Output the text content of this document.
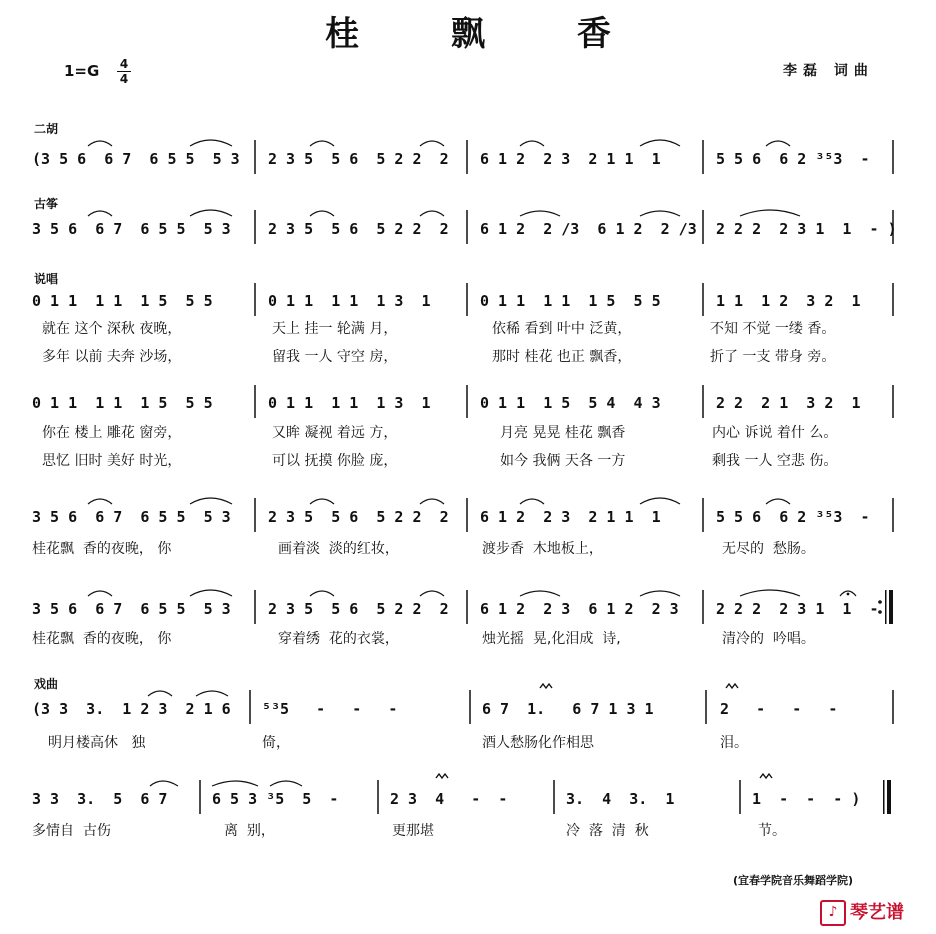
桂 飘 香
1=G 4
4	李磊 词曲
二胡
古筝
说唱
戏曲
(3 5 6  6 7  6 5 5  5 3 2 3 5  5 6  5 2 2  2 6 1 2  2 3  2 1 1  1	5 5 6  6 2 ³⁵3  -
3 5 6  6 7  6 5 5  5 3 2 3 5  5 6  5 2 2  2 6 1 2  2 ∕3  6 1 2  2 ∕3 2 2 2  2 3 1  1  - )
0 1 1  1 1  1 5  5 5	0 1 1  1 1  1 3  1	0 1 1  1 1  1 5  5 5	1 1  1 2  3 2  1
就在 这个 深秋 夜晚，	天上 挂一 轮满 月，	依稀 看到 叶中 泛黄，	不知 不觉 一缕 香。
多年 以前 夫奔 沙场，	留我 一人 守空 房，	那时 桂花 也正 飘香，	折了 一支 带身 旁。
0 1 1  1 1  1 5  5 5	0 1 1  1 1  1 3  1	0 1 1  1 5  5 4  4 3	2 2  2 1  3 2  1
你在 楼上 雕花 窗旁，	又眸 凝视 着远 方，	月亮 晃晃 桂花 飘香	内心 诉说 着什 么。
思忆 旧时 美好 时光，	可以 抚摸 你脸 庞，	如今 我俩 天各 一方	剩我 一人 空悲 伤。
3 5 6  6 7  6 5 5  5 3 2 3 5  5 6  5 2 2  2 6 1 2  2 3  2 1 1  1	5 5 6  6 2 ³⁵3  -
桂花飘  香的夜晚， 你	画着淡  淡的红妆，	渡步香  木地板上，	无尽的  愁肠。
3 5 6  6 7  6 5 5  5 3 2 3 5  5 6  5 2 2  2 6 1 2  2 3  6 1 2  2 3 2 2 2  2 3 1  1  -
桂花飘  香的夜晚， 你	穿着绣  花的衣裳，	烛光摇  晃,化泪成  诗,	清冷的  吟唱。
(3 3  3.  1 2 3  2 1 6 ⁵³5   -   -   -	6 7  1.   6 7 1 3 1	2   -   -   -
明月楼高休   独	倚，	酒人愁肠化作相思	泪。
3 3  3.  5  6 7	6 5 3 ³5  5  -	2 3  4   -  -	3.  4  3.  1	1  -  -  - )
多情自  古伤	离  别，	更那堪	冷  落  清  秋	节。
(宜春学院音乐舞蹈学院)
♪ 琴艺谱
